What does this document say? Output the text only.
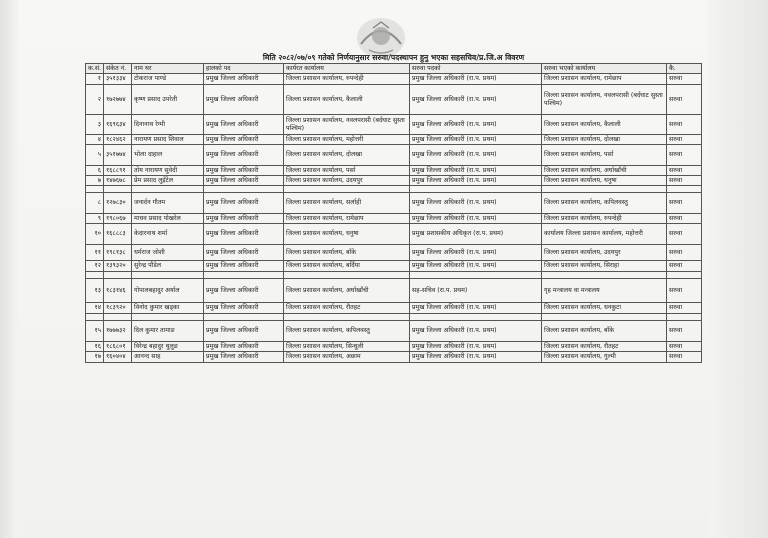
मिति २०८२/०७/०९ गतेको निर्णयानुसार सरुवा/पदस्थापन हुनु भएका सहसचिव/प्र.जि.अ विवरण							
क.सं.	संकेत नं.	नाम थर	हालको पद	कार्यरत कार्यालय	सरुवा पदको	सरुवा भएको कार्यालय	कै.
१	३५१३३४	टोकराज पाण्डे	प्रमुख जिल्ला अधिकारी	जिल्ला प्रशासन कार्यालय, रुपन्देही	प्रमुख जिल्ला अधिकारी (रा.प. प्रथम)	जिल्ला प्रशासन कार्यालय, रामेछाप	सरुवा
२	१७२७७४	कृष्ण प्रसाद उपरेती	प्रमुख जिल्ला अधिकारी	जिल्ला प्रशासन कार्यालय, कैलाली	प्रमुख जिल्ला अधिकारी (रा.प. प्रथम)	जिल्ला प्रशासन कार्यालय, नवलपरासी (बर्दघाट सुस्ता पश्चिम)	सरुवा
३	१६९६३४	दिनानाथ रेग्मी	प्रमुख जिल्ला अधिकारी	जिल्ला प्रशासन कार्यालय, नवलपरासी (बर्दघाट सुस्ता पश्चिम)	प्रमुख जिल्ला अधिकारी (रा.प. प्रथम)	जिल्ला प्रशासन कार्यालय, कैलाली	सरुवा
४	१८२४६२	नारायण प्रसाद शिवाल	प्रमुख जिल्ला अधिकारी	जिल्ला प्रशासन कार्यालय, महोत्तरी	प्रमुख जिल्ला अधिकारी (रा.प. प्रथम)	जिल्ला प्रशासन कार्यालय, दोलखा	सरुवा
५	३५१७७४	भोला दाहाल	प्रमुख जिल्ला अधिकारी	जिल्ला प्रशासन कार्यालय, दोलखा	प्रमुख जिल्ला अधिकारी (रा.प. प्रथम)	जिल्ला प्रशासन कार्यालय, पर्सा	सरुवा
६	१६८८९१	तोय नारायण सुवेदी	प्रमुख जिल्ला अधिकारी	जिल्ला प्रशासन कार्यालय, पर्सा	प्रमुख जिल्ला अधिकारी (रा.प. प्रथम)	जिल्ला प्रशासन कार्यालय, अर्घाखाँची	सरुवा
७	१४७६७८	प्रेम प्रसाद लुइँटेल	प्रमुख जिल्ला अधिकारी	जिल्ला प्रशासन कार्यालय, उदयपुर	प्रमुख जिल्ला अधिकारी (रा.प. प्रथम)	जिल्ला प्रशासन कार्यालय, धनुषा	सरुवा

८	१२७८३०	जनार्दन गौतम	प्रमुख जिल्ला अधिकारी	जिल्ला प्रशासन कार्यालय, सर्लाही	प्रमुख जिल्ला अधिकारी (रा.प. प्रथम)	जिल्ला प्रशासन कार्यालय, कपिलवस्तु	सरुवा
९	१९८०६७	माधव प्रसाद पोखरेल	प्रमुख जिल्ला अधिकारी	जिल्ला प्रशासन कार्यालय, रामेछाप	प्रमुख जिल्ला अधिकारी (रा.प. प्रथम)	जिल्ला प्रशासन कार्यालय, रुपन्देही	सरुवा
१०	१६८८८३	केदारनाथ शर्मा	प्रमुख जिल्ला अधिकारी	जिल्ला प्रशासन कार्यालय, धनुषा	प्रमुख प्रशासकीय अधिकृत (रा.प. प्रथम)	कार्यालय जिल्ला प्रशासन कार्यालय, महोत्तरी	सरुवा
११	१९८१३८	धर्मराज जोशी	प्रमुख जिल्ला अधिकारी	जिल्ला प्रशासन कार्यालय, बाँके	प्रमुख जिल्ला अधिकारी (रा.प. प्रथम)	जिल्ला प्रशासन कार्यालय, उदयपुर	सरुवा
१२	१३९३२०	सुरेन्द्र पौडेल	प्रमुख जिल्ला अधिकारी	जिल्ला प्रशासन कार्यालय, बर्दिया	प्रमुख जिल्ला अधिकारी (रा.प. प्रथम)	जिल्ला प्रशासन कार्यालय, सिराहा	सरुवा

१३	१८३१४६	गोपालबहादुर अर्याल	प्रमुख जिल्ला अधिकारी	जिल्ला प्रशासन कार्यालय, अर्घाखाँची	सह-सचिव (रा.प. प्रथम)	गृह मन्त्रालय वा मन्त्रालय	सरुवा
१४	१८३९२०	विनोद कुमार खड्का	प्रमुख जिल्ला अधिकारी	जिल्ला प्रशासन कार्यालय, रौतहट	प्रमुख जिल्ला अधिकारी (रा.प. प्रथम)	जिल्ला प्रशासन कार्यालय, धनकुटा	सरुवा

१५	१७७७३२	दिल कुमार तामाङ	प्रमुख जिल्ला अधिकारी	जिल्ला प्रशासन कार्यालय, कपिलवस्तु	प्रमुख जिल्ला अधिकारी (रा.प. प्रथम)	जिल्ला प्रशासन कार्यालय, बाँके	सरुवा
१६	१८६८०१	विरेन्द्र बहादुर थुलुङ	प्रमुख जिल्ला अधिकारी	जिल्ला प्रशासन कार्यालय, सिन्धुली	प्रमुख जिल्ला अधिकारी (रा.प. प्रथम)	जिल्ला प्रशासन कार्यालय, रौतहट	सरुवा
१७	१६०४०४	आनन्द साह	प्रमुख जिल्ला अधिकारी	जिल्ला प्रशासन कार्यालय, अछाम	प्रमुख जिल्ला अधिकारी (रा.प. प्रथम)	जिल्ला प्रशासन कार्यालय, गुल्मी	सरुवा
